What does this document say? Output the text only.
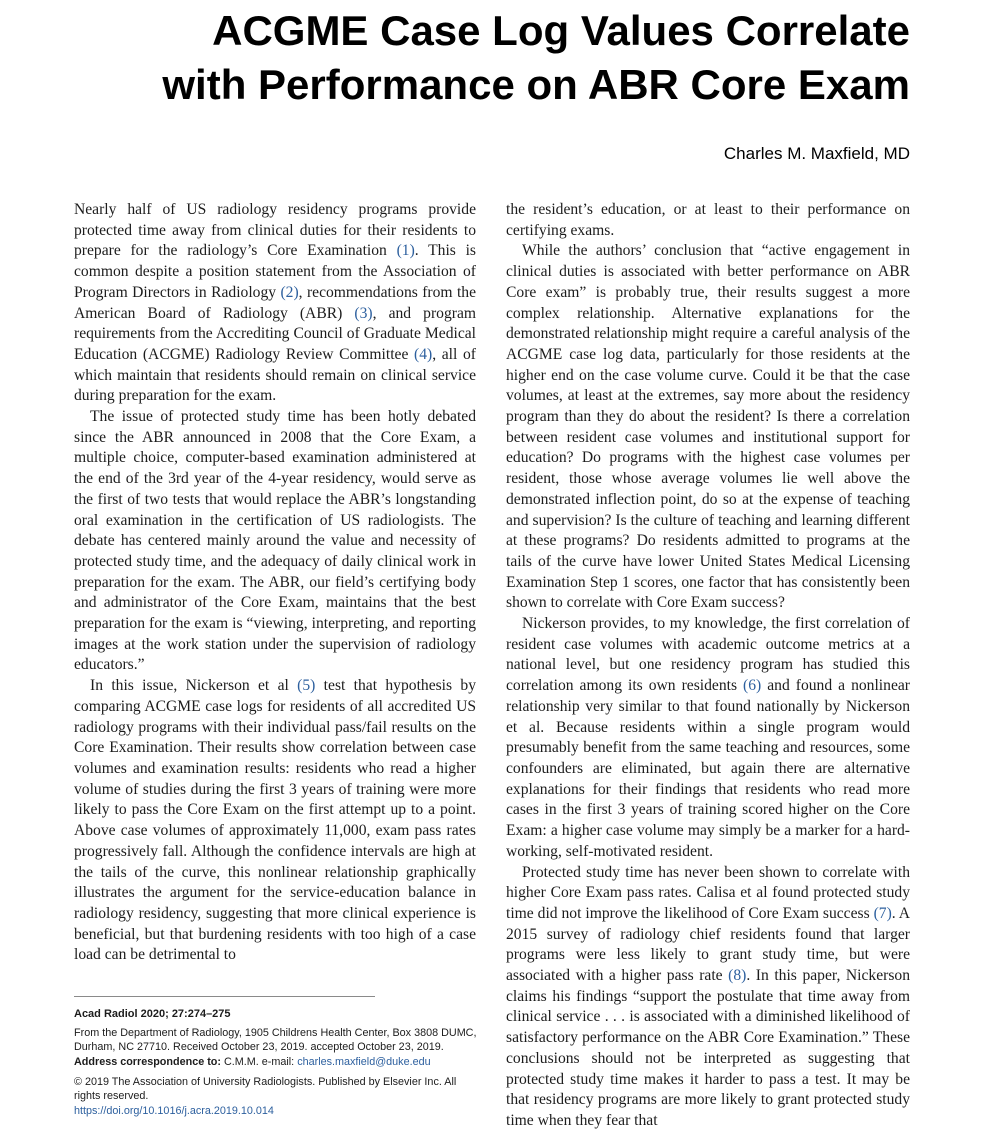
ACGME Case Log Values Correlate
with Performance on ABR Core Exam
Charles M. Maxfield, MD

Nearly half of US radiology residency programs provide protected time away from clinical duties for their residents to prepare for the radiology’s Core Examination (1). This is common despite a position statement from the Association of Program Directors in Radiology (2), recommendations from the American Board of Radiology (ABR) (3), and program requirements from the Accrediting Council of Graduate Medical Education (ACGME) Radiology Review Committee (4), all of which maintain that residents should remain on clinical service during preparation for the exam.

The issue of protected study time has been hotly debated since the ABR announced in 2008 that the Core Exam, a multiple choice, computer-based examination administered at the end of the 3rd year of the 4-year residency, would serve as the first of two tests that would replace the ABR’s longstanding oral examination in the certification of US radiologists. The debate has centered mainly around the value and necessity of protected study time, and the adequacy of daily clinical work in preparation for the exam. The ABR, our field’s certifying body and administrator of the Core Exam, maintains that the best preparation for the exam is “viewing, interpreting, and reporting images at the work station under the supervision of radiology educators.”

In this issue, Nickerson et al (5) test that hypothesis by comparing ACGME case logs for residents of all accredited US radiology programs with their individual pass/fail results on the Core Examination. Their results show correlation between case volumes and examination results: residents who read a higher volume of studies during the first 3 years of training were more likely to pass the Core Exam on the first attempt up to a point. Above case volumes of approximately 11,000, exam pass rates progressively fall. Although the confidence intervals are high at the tails of the curve, this nonlinear relationship graphically illustrates the argument for the service-education balance in radiology residency, suggesting that more clinical experience is beneficial, but that burdening residents with too high of a case load can be detrimental to

the resident’s education, or at least to their performance on certifying exams.

While the authors’ conclusion that “active engagement in clinical duties is associated with better performance on ABR Core exam” is probably true, their results suggest a more complex relationship. Alternative explanations for the demonstrated relationship might require a careful analysis of the ACGME case log data, particularly for those residents at the higher end on the case volume curve. Could it be that the case volumes, at least at the extremes, say more about the residency program than they do about the resident? Is there a correlation between resident case volumes and institutional support for education? Do programs with the highest case volumes per resident, those whose average volumes lie well above the demonstrated inflection point, do so at the expense of teaching and supervision? Is the culture of teaching and learning different at these programs? Do residents admitted to programs at the tails of the curve have lower United States Medical Licensing Examination Step 1 scores, one factor that has consistently been shown to correlate with Core Exam success?

Nickerson provides, to my knowledge, the first correlation of resident case volumes with academic outcome metrics at a national level, but one residency program has studied this correlation among its own residents (6) and found a nonlinear relationship very similar to that found nationally by Nickerson et al. Because residents within a single program would presumably benefit from the same teaching and resources, some confounders are eliminated, but again there are alternative explanations for their findings that residents who read more cases in the first 3 years of training scored higher on the Core Exam: a higher case volume may simply be a marker for a hard-working, self-motivated resident.

Protected study time has never been shown to correlate with higher Core Exam pass rates. Calisa et al found protected study time did not improve the likelihood of Core Exam success (7). A 2015 survey of radiology chief residents found that larger programs were less likely to grant study time, but were associated with a higher pass rate (8). In this paper, Nickerson claims his findings “support the postulate that time away from clinical service . . . is associated with a diminished likelihood of satisfactory performance on the ABR Core Examination.” These conclusions should not be interpreted as suggesting that protected study time makes it harder to pass a test. It may be that residency programs are more likely to grant protected study time when they fear that

Acad Radiol 2020; 27:274–275
From the Department of Radiology, 1905 Childrens Health Center, Box 3808 DUMC, Durham, NC 27710. Received October 23, 2019. accepted October 23, 2019. Address correspondence to: C.M.M. e-mail: charles.maxfield@duke.edu
© 2019 The Association of University Radiologists. Published by Elsevier Inc. All rights reserved.
https://doi.org/10.1016/j.acra.2019.10.014
